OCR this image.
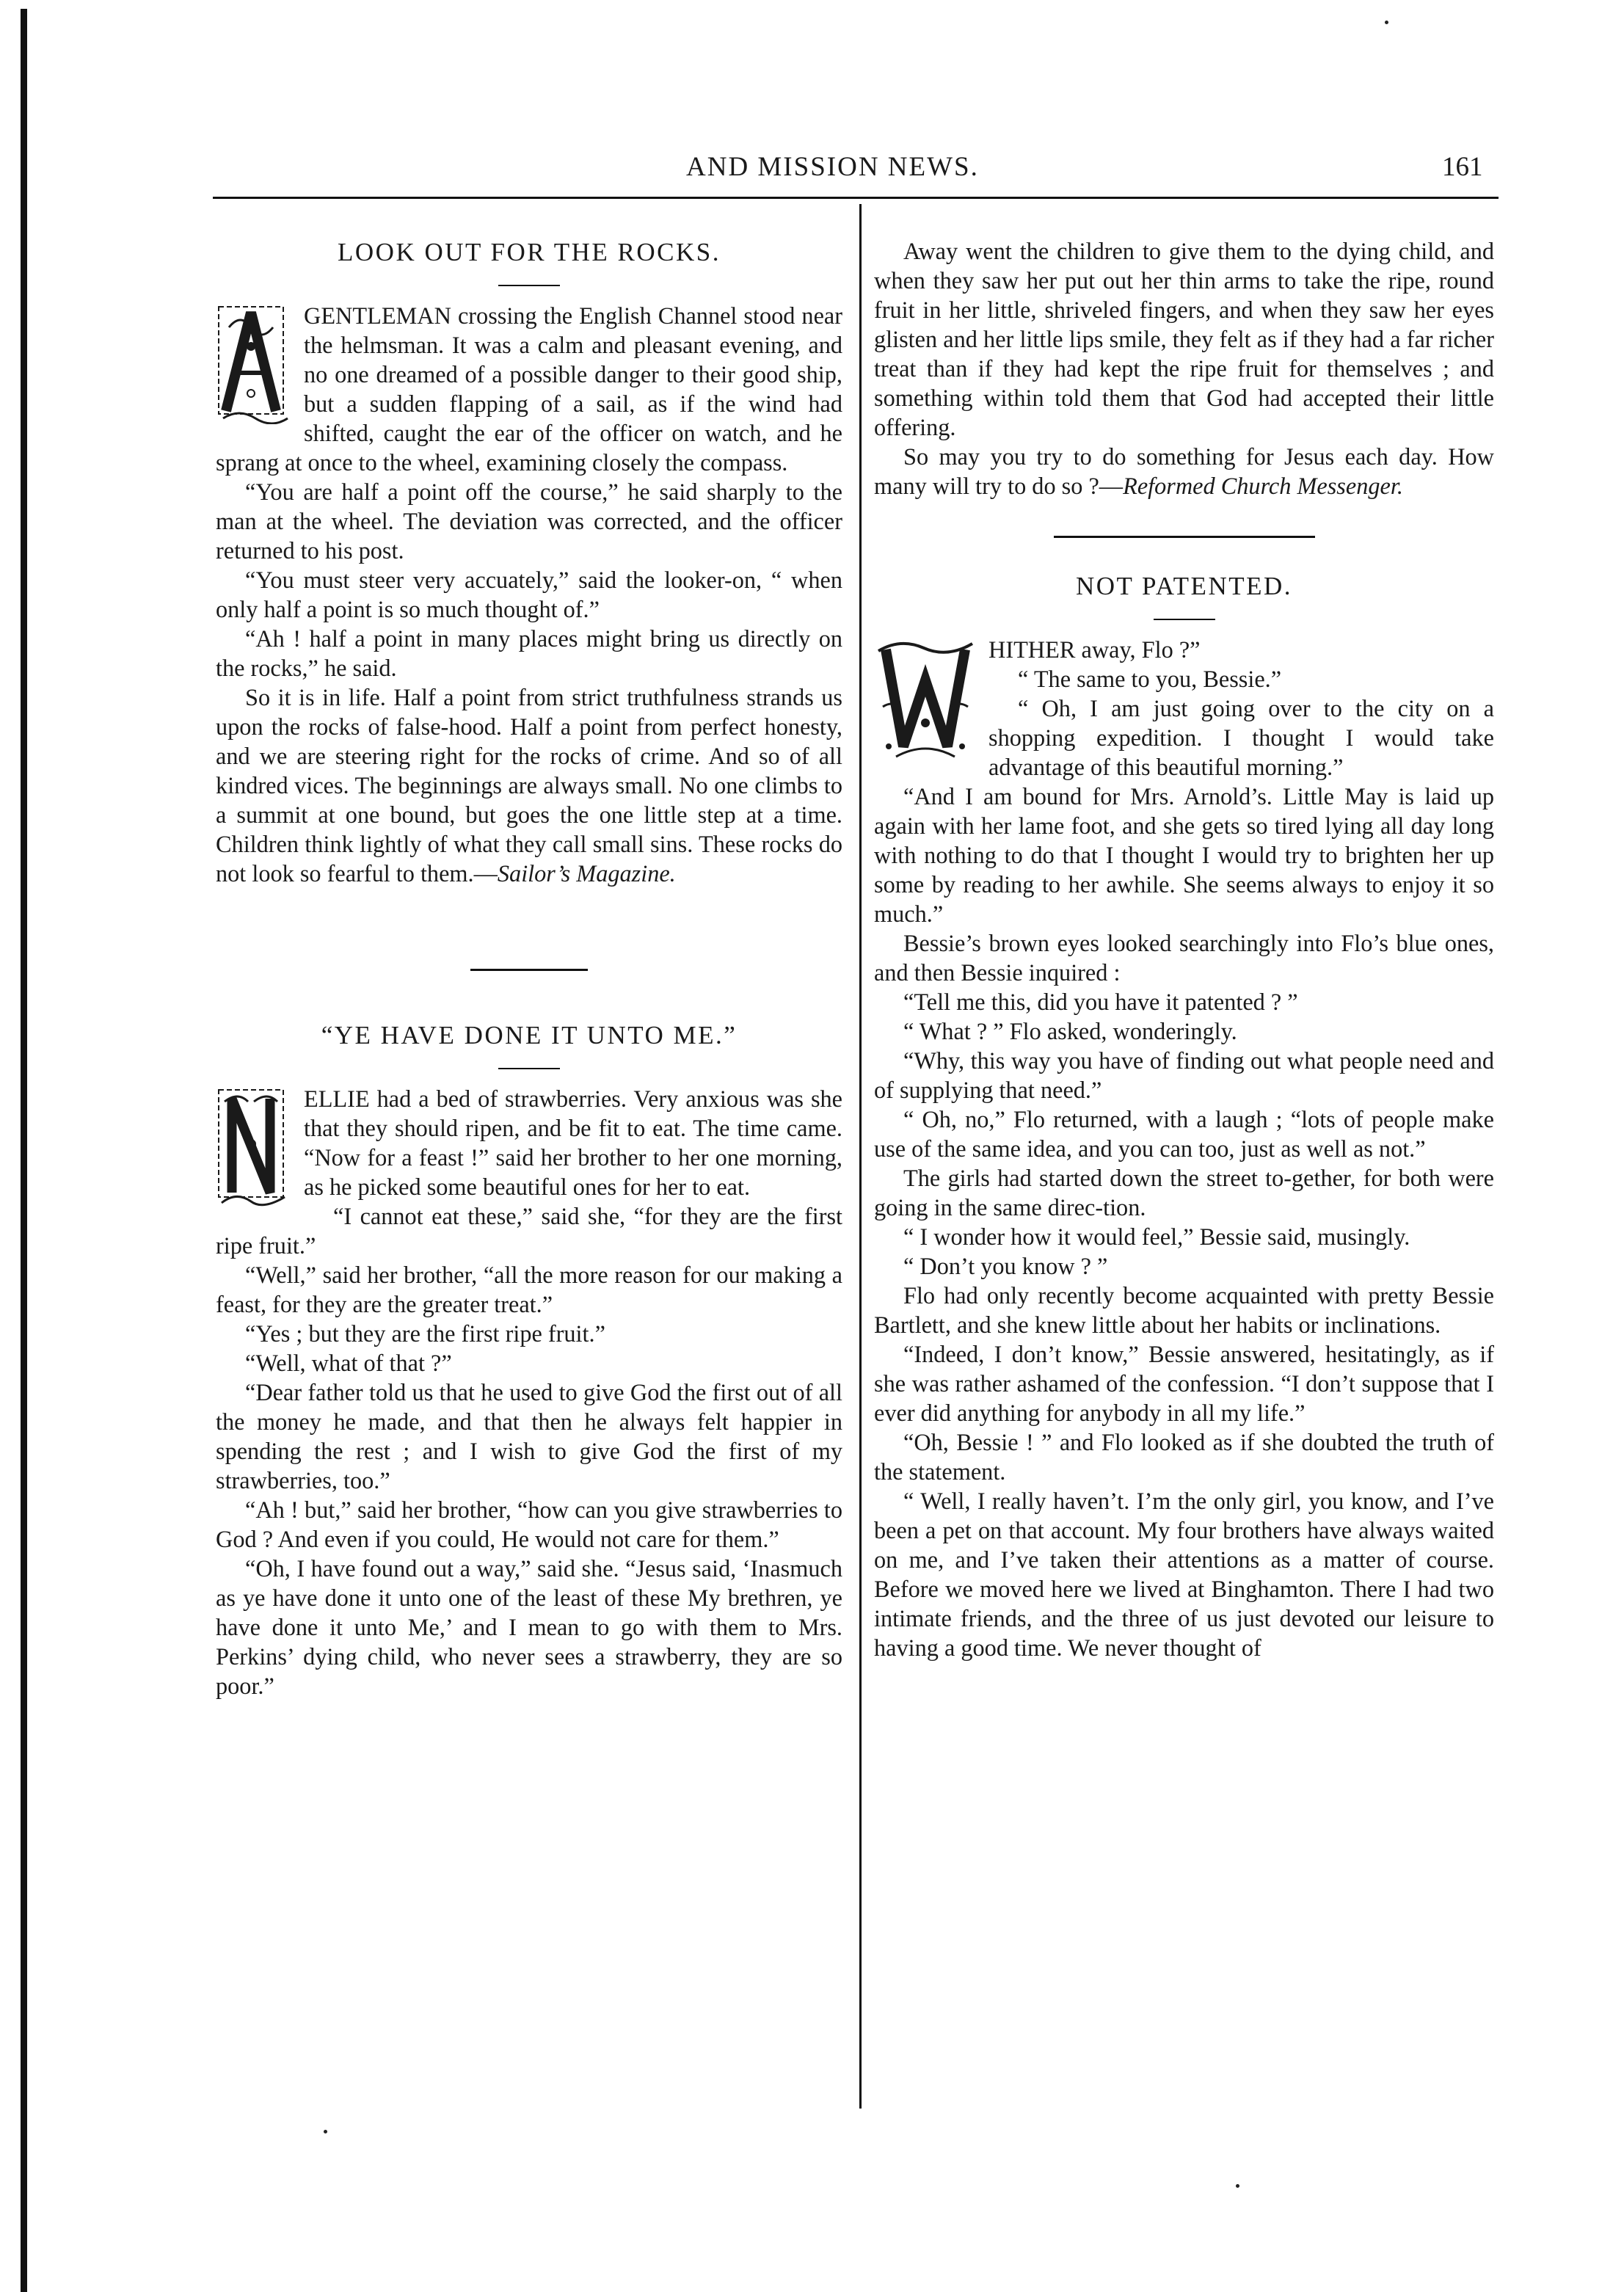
AND MISSION NEWS.	161
LOOK OUT FOR THE ROCKS.

GENTLEMAN crossing the English Channel stood near the helmsman. It was a calm and pleasant evening, and no one dreamed of a possible danger to their good ship, but a sudden flapping of a sail, as if the wind had shifted, caught the ear of the officer on watch, and he sprang at once to the wheel, examining closely the compass.

“You are half a point off the course,” he said sharply to the man at the wheel. The deviation was corrected, and the officer returned to his post.

“You must steer very accuately,” said the looker-on, “ when only half a point is so much thought of.”

“Ah ! half a point in many places might bring us directly on the rocks,” he said.

So it is in life. Half a point from strict truthfulness strands us upon the rocks of false-hood. Half a point from perfect honesty, and we are steering right for the rocks of crime. And so of all kindred vices. The beginnings are always small. No one climbs to a summit at one bound, but goes the one little step at a time. Children think lightly of what they call small sins. These rocks do not look so fearful to them.—Sailor’s Magazine.

“YE HAVE DONE IT UNTO ME.”

ELLIE had a bed of strawberries. Very anxious was she that they should ripen, and be fit to eat. The time came. “Now for a feast !” said her brother to her one morning, as he picked some beautiful ones for her to eat.

“I cannot eat these,” said she, “for they are the first ripe fruit.”

“Well,” said her brother, “all the more reason for our making a feast, for they are the greater treat.”

“Yes ; but they are the first ripe fruit.”

“Well, what of that ?”

“Dear father told us that he used to give God the first out of all the money he made, and that then he always felt happier in spending the rest ; and I wish to give God the first of my strawberries, too.”

“Ah ! but,” said her brother, “how can you give strawberries to God ? And even if you could, He would not care for them.”

“Oh, I have found out a way,” said she. “Jesus said, ‘Inasmuch as ye have done it unto one of the least of these My brethren, ye have done it unto Me,’ and I mean to go with them to Mrs. Perkins’ dying child, who never sees a strawberry, they are so poor.”

Away went the children to give them to the dying child, and when they saw her put out her thin arms to take the ripe, round fruit in her little, shriveled fingers, and when they saw her eyes glisten and her little lips smile, they felt as if they had a far richer treat than if they had kept the ripe fruit for themselves ; and something within told them that God had accepted their little offering.

So may you try to do something for Jesus each day. How many will try to do so ?—Reformed Church Messenger.

NOT PATENTED.

HITHER away, Flo ?”

“ The same to you, Bessie.”

“ Oh, I am just going over to the city on a shopping expedition. I thought I would take advantage of this beautiful morning.”

“And I am bound for Mrs. Arnold’s. Little May is laid up again with her lame foot, and she gets so tired lying all day long with nothing to do that I thought I would try to brighten her up some by reading to her awhile. She seems always to enjoy it so much.”

Bessie’s brown eyes looked searchingly into Flo’s blue ones, and then Bessie inquired :

“Tell me this, did you have it patented ? ”

“ What ? ” Flo asked, wonderingly.

“Why, this way you have of finding out what people need and of supplying that need.”

“ Oh, no,” Flo returned, with a laugh ; “lots of people make use of the same idea, and you can too, just as well as not.”

The girls had started down the street to-gether, for both were going in the same direc-tion.

“ I wonder how it would feel,” Bessie said, musingly.

“ Don’t you know ? ”

Flo had only recently become acquainted with pretty Bessie Bartlett, and she knew little about her habits or inclinations.

“Indeed, I don’t know,” Bessie answered, hesitatingly, as if she was rather ashamed of the confession. “I don’t suppose that I ever did anything for anybody in all my life.”

“Oh, Bessie ! ” and Flo looked as if she doubted the truth of the statement.

“ Well, I really haven’t. I’m the only girl, you know, and I’ve been a pet on that account. My four brothers have always waited on me, and I’ve taken their attentions as a matter of course. Before we moved here we lived at Binghamton. There I had two intimate friends, and the three of us just devoted our leisure to having a good time. We never thought of
